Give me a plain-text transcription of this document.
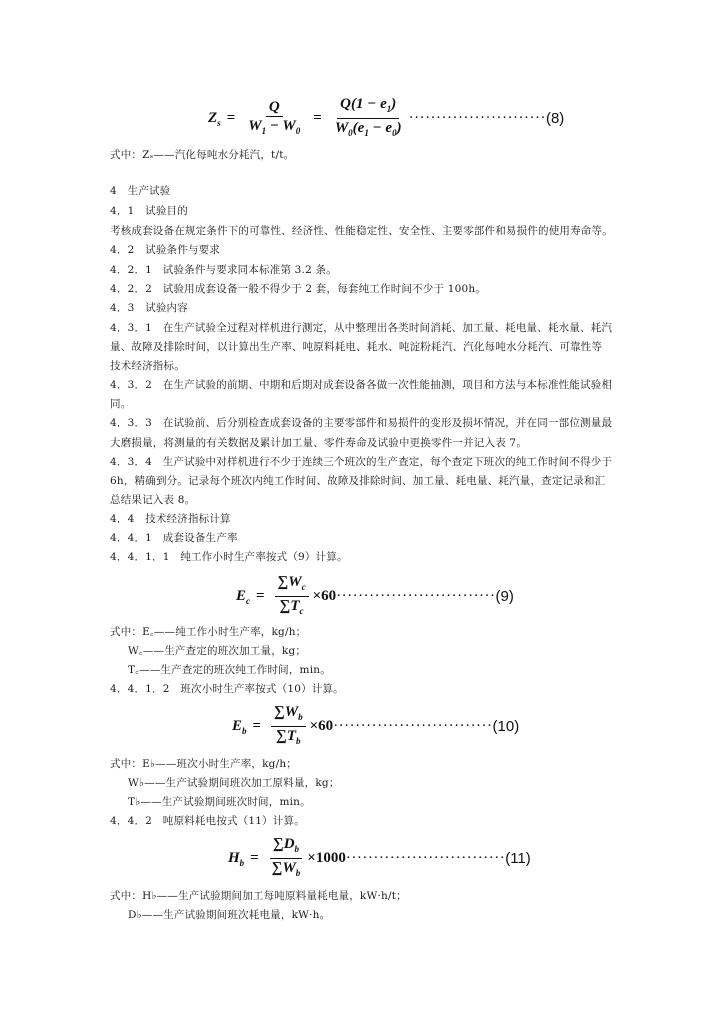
$Z_s = \frac{Q}{W_1 - W_0} = \frac{Q(1 - e_1)}{W_0(e_1 - e_0)}$ ························· (8)
式中：Zₛ——汽化每吨水分耗汽，t/t。
4　生产试验
4．1　试验目的
考核成套设备在规定条件下的可靠性、经济性、性能稳定性、安全性、主要零部件和易损件的使用寿命等。
4．2　试验条件与要求
4．2．1　试验条件与要求同本标准第 3.2 条。
4．2．2　试验用成套设备一般不得少于 2 套，每套纯工作时间不少于 100h。
4．3　试验内容
4．3．1　在生产试验全过程对样机进行测定，从中整理出各类时间消耗、加工量、耗电量、耗水量、耗汽
量、故障及排除时间，以计算出生产率、吨原料耗电、耗水、吨淀粉耗汽、汽化每吨水分耗汽、可靠性等
技术经济指标。
4．3．2　在生产试验的前期、中期和后期对成套设备各做一次性能抽测，项目和方法与本标准性能试验相
同。
4．3．3　在试验前、后分别检查成套设备的主要零部件和易损件的变形及损坏情况，并在同一部位测量最
大磨损量，将测量的有关数据及累计加工量、零件寿命及试验中更换零件一并记入表 7。
4．3．4　生产试验中对样机进行不少于连续三个班次的生产查定，每个查定下班次的纯工作时间不得少于
6h，精确到分。记录每个班次内纯工作时间、故障及排除时间、加工量、耗电量、耗汽量，查定记录和汇
总结果记入表 8。
4．4　技术经济指标计算
4．4．1　成套设备生产率
4．4．1．1　纯工作小时生产率按式（9）计算。
$E_c = \frac{\sum W_c}{\sum T_c} \times 60$ ····························· (9)
式中：E꜀——纯工作小时生产率，kg/h；
W꜀——生产查定的班次加工量，kg；
T꜀——生产查定的班次纯工作时间，min。
4．4．1．2　班次小时生产率按式（10）计算。
$E_b = \frac{\sum W_b}{\sum T_b} \times 60$ ····························· (10)
式中：E♭——班次小时生产率，kg/h；
W♭——生产试验期间班次加工原料量，kg；
T♭——生产试验期间班次时间，min。
4．4．2　吨原料耗电按式（11）计算。
$H_b = \frac{\sum D_b}{\sum W_b} \times 1000$ ····························· (11)
式中：H♭——生产试验期间加工每吨原料量耗电量，kW·h/t；
D♭——生产试验期间班次耗电量，kW·h。
